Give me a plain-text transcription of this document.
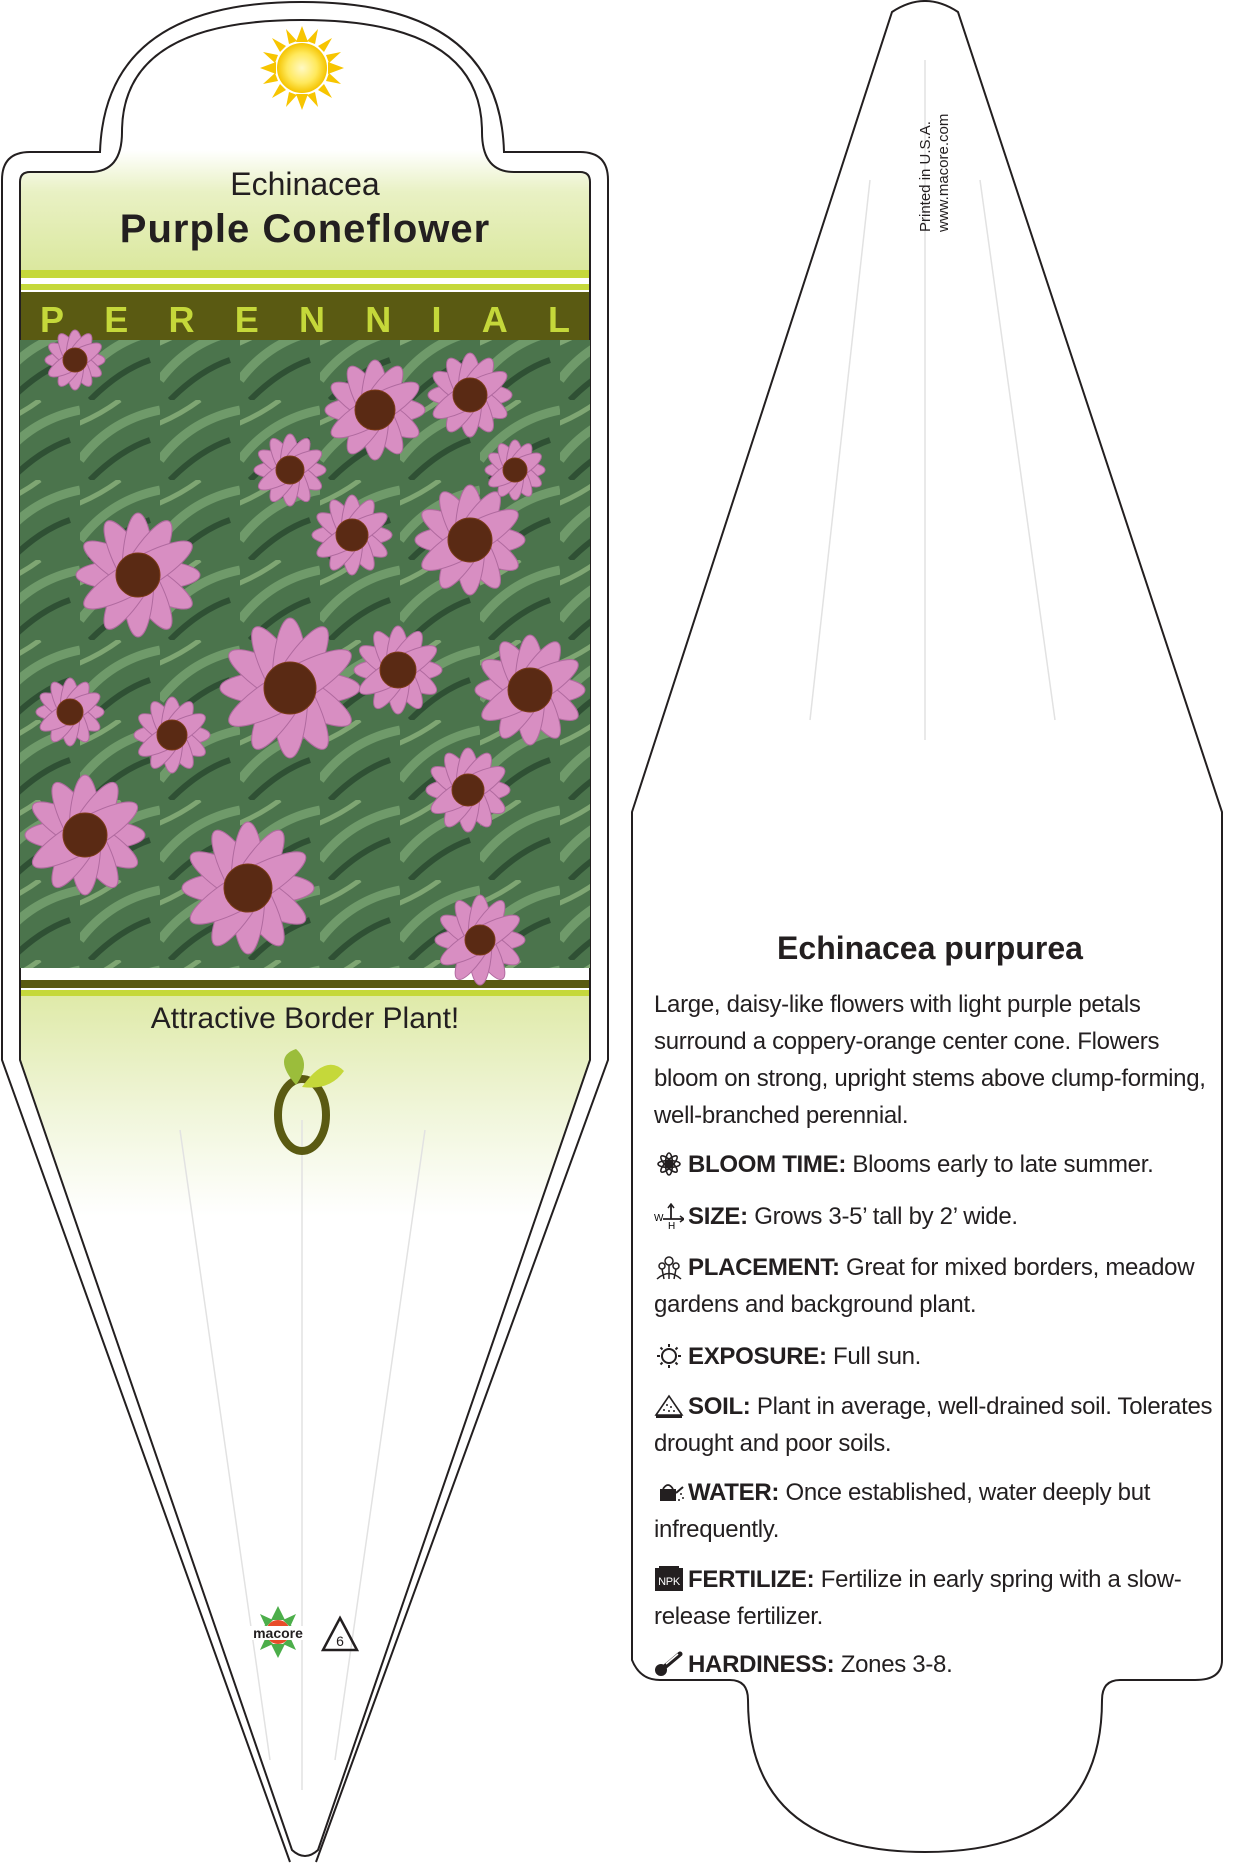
macore 6
Printed in U.S.A. www.macore.com
Echinacea
Purple Coneflower
P E R E N N I A L
Attractive Border Plant!
Echinacea purpurea
Large, daisy-like flowers with light purple petals surround a coppery-orange center cone. Flowers bloom on strong, upright stems above clump-forming, well-branched perennial.
BLOOM TIME: Blooms early to late summer.
W
H SIZE: Grows 3-5’ tall by 2’ wide.
PLACEMENT: Great for mixed borders, meadow gardens and background plant.
EXPOSURE: Full sun.
SOIL: Plant in average, well-drained soil. Tolerates drought and poor soils.
WATER: Once established, water deeply but infrequently.
NPK FERTILIZE: Fertilize in early spring with a slow-release fertilizer.
HARDINESS: Zones 3-8.
